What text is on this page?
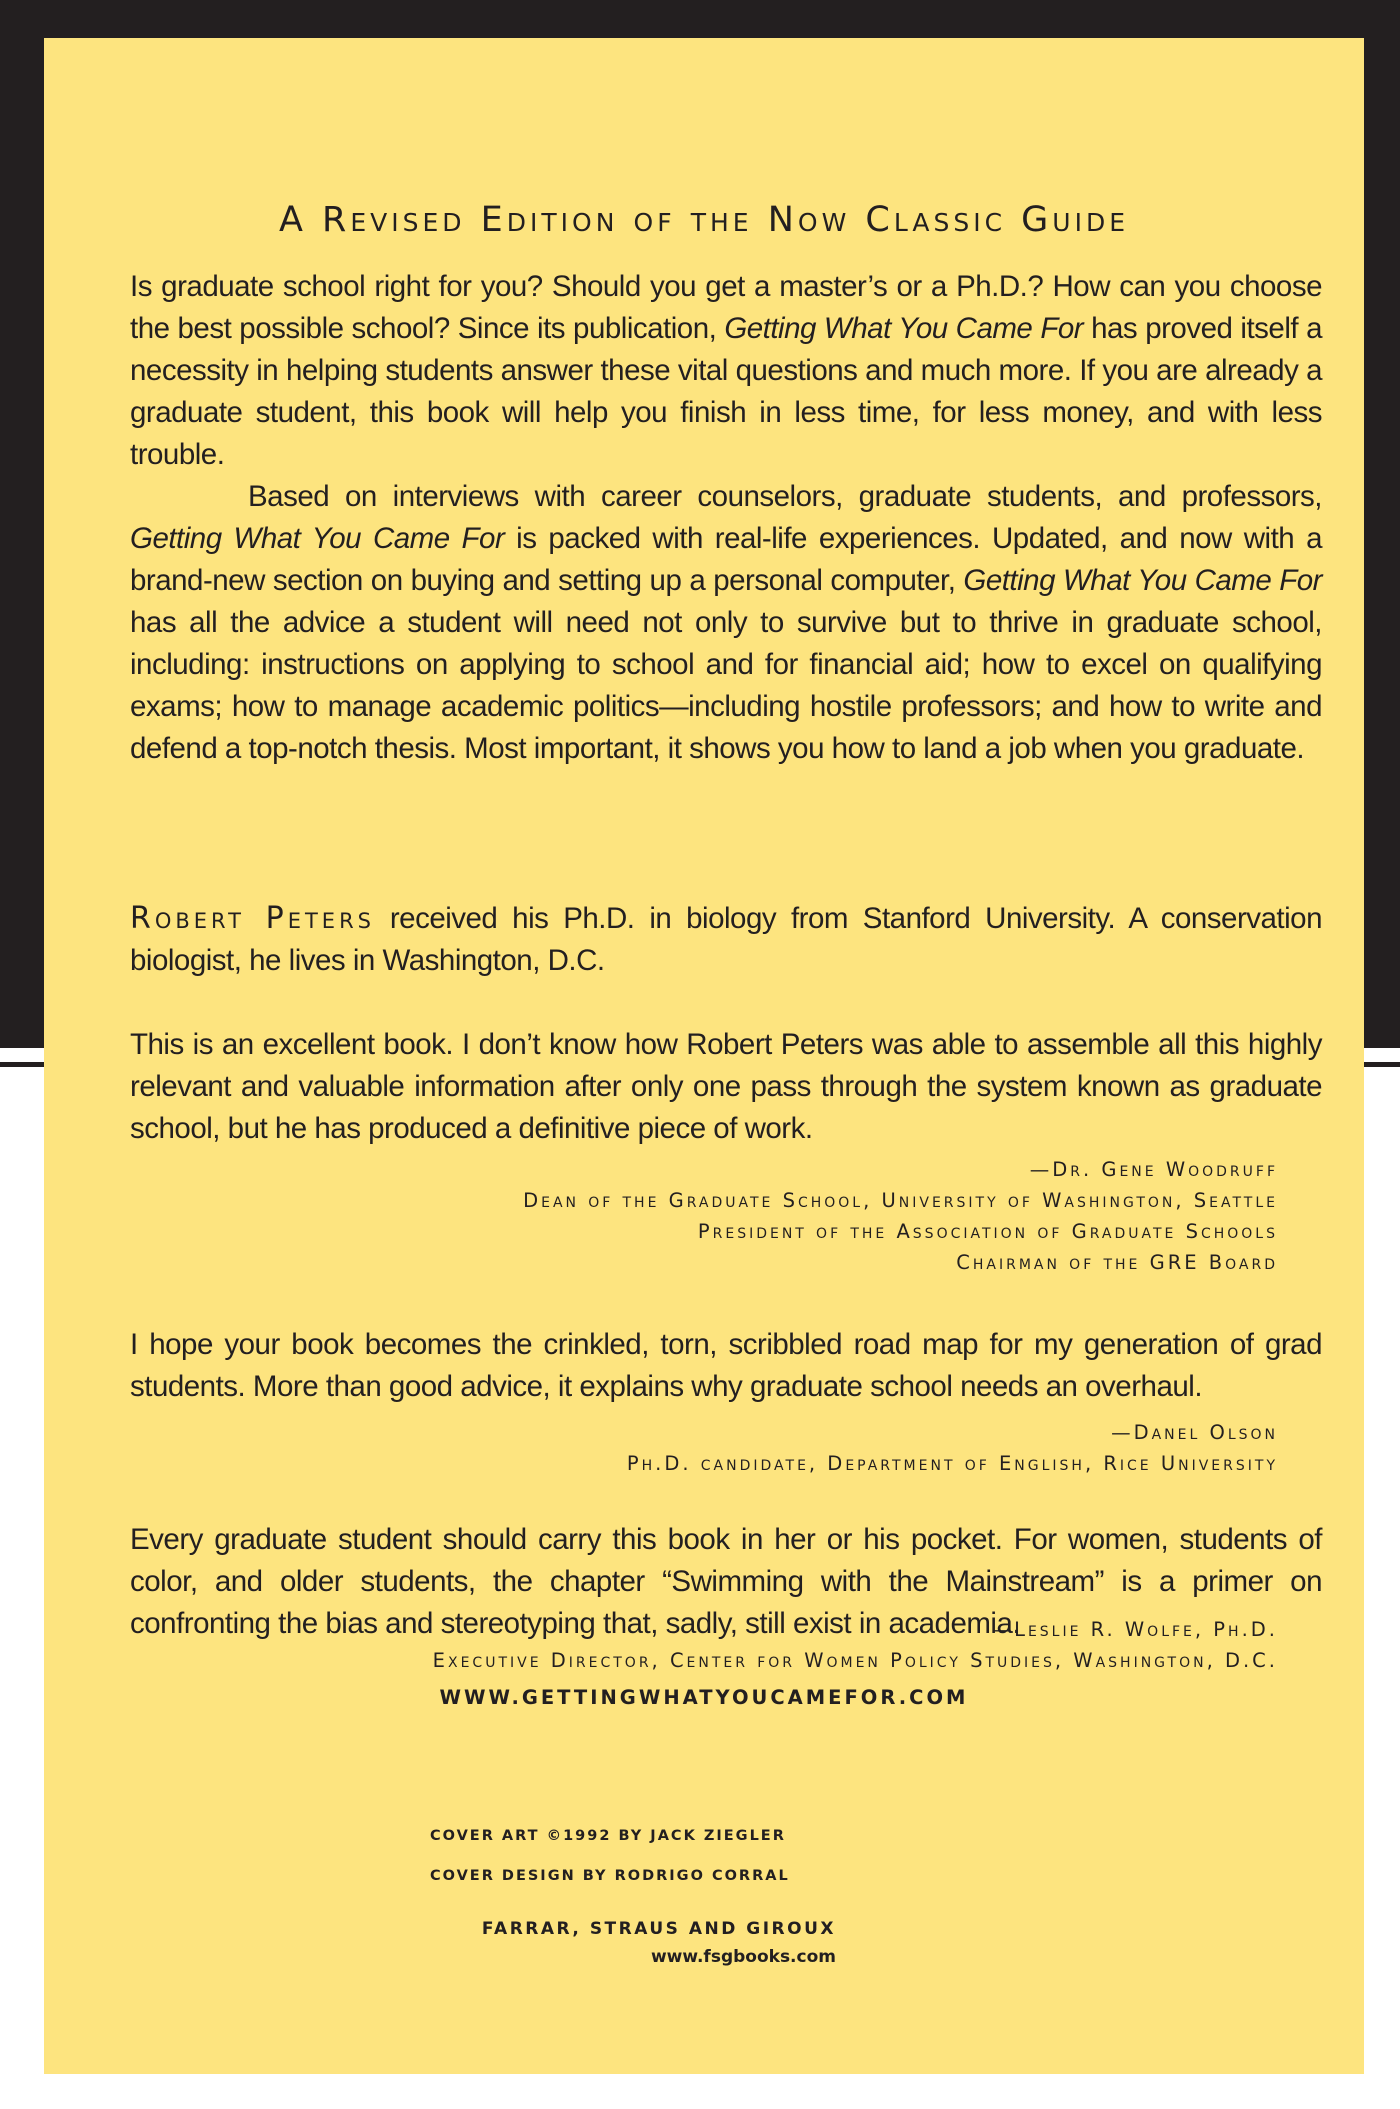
A Revised Edition of the Now Classic Guide

Is graduate school right for you? Should you get a master’s or a Ph.D.? How can you choose the best possible school? Since its publication, Getting What You Came For has proved itself a necessity in helping students answer these vital questions and much more. If you are already a graduate student, this book will help you finish in less time, for less money, and with less trouble.

Based on interviews with career counselors, graduate students, and professors, Getting What You Came For is packed with real-life experiences. Updated, and now with a brand-new section on buying and setting up a personal computer, Getting What You Came For has all the advice a student will need not only to survive but to thrive in graduate school, including: instructions on applying to school and for financial aid; how to excel on qualifying exams; how to manage academic politics—including hostile professors; and how to write and defend a top-notch thesis. Most important, it shows you how to land a job when you graduate.

Robert Peters received his Ph.D. in biology from Stanford University. A conservation biologist, he lives in Washington, D.C.

This is an excellent book. I don’t know how Robert Peters was able to assemble all this highly relevant and valuable information after only one pass through the system known as graduate school, but he has produced a definitive piece of work.

—Dr. Gene Woodruff
Dean of the Graduate School, University of Washington, Seattle
President of the Association of Graduate Schools
Chairman of the GRE Board

I hope your book becomes the crinkled, torn, scribbled road map for my generation of grad students. More than good advice, it explains why graduate school needs an overhaul.

—Danel Olson
Ph.D. candidate, Department of English, Rice University

Every graduate student should carry this book in her or his pocket. For women, students of color, and older students, the chapter “Swimming with the Mainstream” is a primer on confronting the bias and stereotyping that, sadly, still exist in academia.

—Leslie R. Wolfe, Ph.D.
Executive Director, Center for Women Policy Studies, Washington, D.C.
WWW.GETTINGWHATYOUCAMEFOR.COM
COVER ART ©1992 BY JACK ZIEGLER
COVER DESIGN BY RODRIGO CORRAL
FARRAR, STRAUS AND GIROUX
www.fsgbooks.com
